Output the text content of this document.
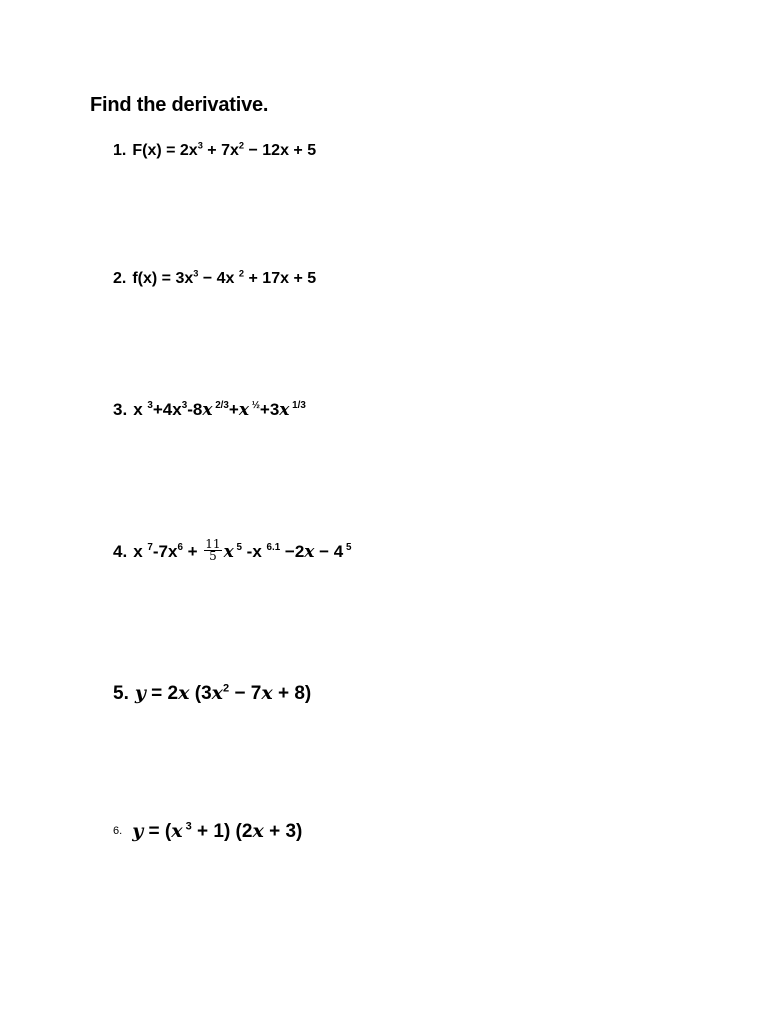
Find the derivative.
1. $F(x) = 2x^3 + 7x^2 - 12x + 5$
2. $f(x) = 3x^3 - 4x$ $^2$ + 17x + 5
3. x $^3+4x^3-8x$ $^{2/3}$+x $^{\frac{1}{2}}$+3x $^{1/3}$
4. x $^7-7x^6 + \frac{11}{5}$ x $^5$ -x $^{6.1}$ −2x − 4 $^5$
5. y = 2x $(3x^2 - 7x + 8)$
6. y = (x $^3$ + 1) (2x + 3)
